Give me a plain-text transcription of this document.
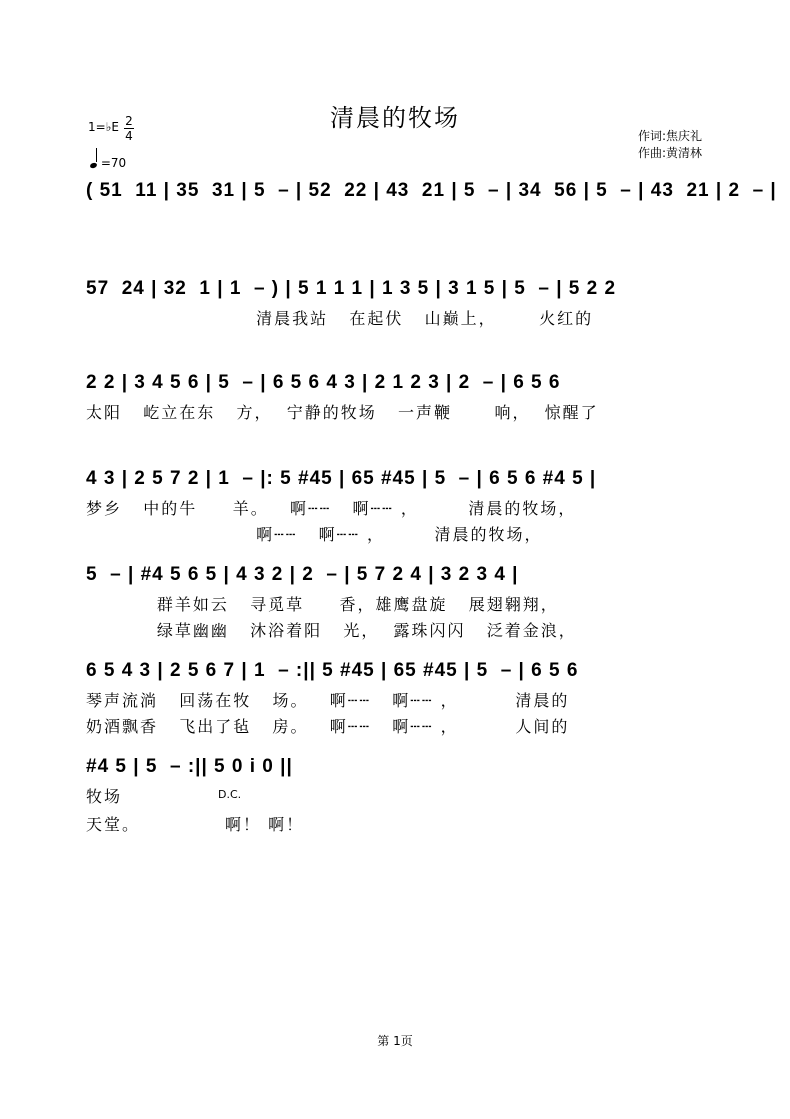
清晨的牧场
作词:焦庆礼
作曲:黄清林
1=♭E 2
4
=70
( 51  11 | 35  31 | 5  – | 52  22 | 43  21 | 5  – | 34  56 | 5  – | 43  21 | 2  – |
57  24 | 32  1 | 1  – ) | 5 1 1 1 | 1 3 5 | 3 1 5 | 5  – | 5 2 2
清晨我站   在起伏   山巅上，      火红的
2 2 | 3 4 5 6 | 5  – | 6 5 6 4 3 | 2 1 2 3 | 2  – | 6 5 6
太阳   屹立在东   方，  宁静的牧场   一声鞭      响，  惊醒了
4 3 | 2 5 7 2 | 1  – |: 5 #45 | 65 #45 | 5  – | 6 5 6 #4 5 |
梦乡   中的牛     羊。   啊┄┄   啊┄┄ ，       清晨的牧场，
啊┄┄   啊┄┄ ，       清晨的牧场，
5  – | #4 5 6 5 | 4 3 2 | 2  – | 5 7 2 4 | 3 2 3 4 |
群羊如云   寻觅草     香，雄鹰盘旋   展翅翱翔，
绿草幽幽   沐浴着阳   光，  露珠闪闪   泛着金浪，
6 5 4 3 | 2 5 6 7 | 1  – :|| 5 #45 | 65 #45 | 5  – | 6 5 6
琴声流淌   回荡在牧   场。   啊┄┄   啊┄┄ ，        清晨的
奶酒飘香   飞出了毡   房。   啊┄┄   啊┄┄ ，        人间的
#4 5 | 5  – :|| 5 0 i 0 ||
牧场
天堂。            啊！ 啊！
D.C.
第 1页
